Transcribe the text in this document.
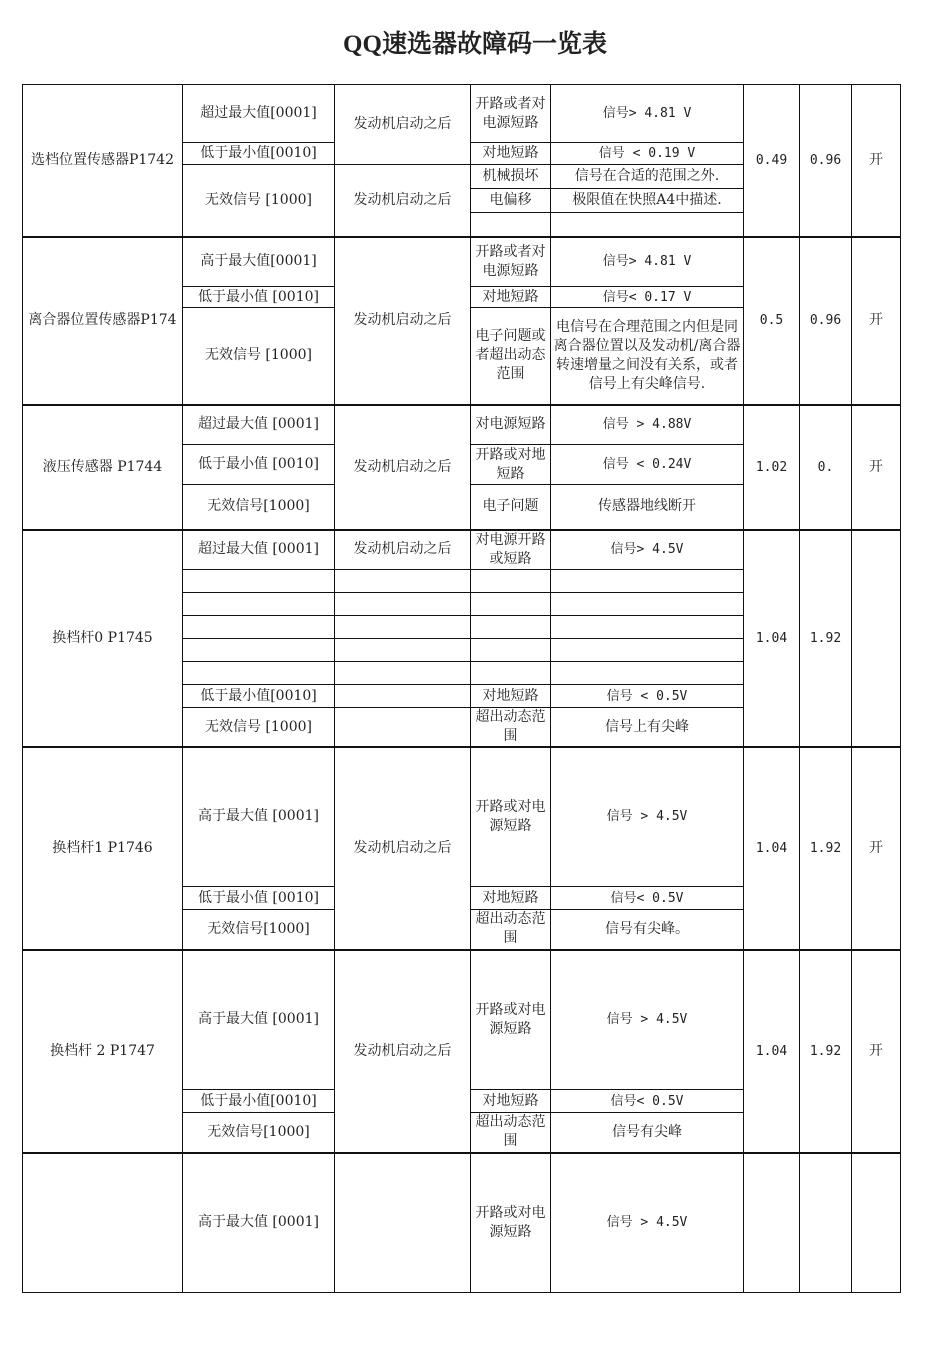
QQ速选器故障码一览表
选档位置传感器P1742	超过最大值[0001]	发动机启动之后	开路或者对电源短路	信号> 4.81 V	0.49	0.96	开
	低于最小值[0010]		对地短路	信号 < 0.19 V			
	无效信号 [1000]	发动机启动之后	机械损坏	信号在合适的范围之外.			
			电偏移	极限值在快照A4中描述.			

离合器位置传感器P174	高于最大值[0001]	发动机启动之后	开路或者对电源短路	信号> 4.81 V	0.5	0.96	开
	低于最小值 [0010]		对地短路	信号< 0.17 V			
	无效信号 [1000]		电子问题或者超出动态范围	电信号在合理范围之内但是同离合器位置以及发动机/离合器转速增量之间没有关系，或者 信号上有尖峰信号.			
液压传感器 P1744	超过最大值 [0001]	发动机启动之后	对电源短路	信号 > 4.88V	1.02	0.	开
	低于最小值 [0010]		开路或对地短路	信号 < 0.24V			
	无效信号[1000]		电子问题	传感器地线断开			
换档杆0 P1745	超过最大值 [0001]	发动机启动之后	对电源开路或短路	信号> 4.5V	1.04	1.92	

	低于最小值[0010]		对地短路	信号 < 0.5V			
	无效信号 [1000]		超出动态范围	信号上有尖峰			

换档杆1 P1746	高于最大值 [0001]	发动机启动之后	开路或对电源短路	信号 > 4.5V	1.04	1.92	开
	低于最小值 [0010]		对地短路	信号< 0.5V			
	无效信号[1000]		超出动态范围	信号有尖峰。			
换档杆 2 P1747	高于最大值 [0001]	发动机启动之后	开路或对电源短路	信号 > 4.5V	1.04	1.92	开
	低于最小值[0010]		对地短路	信号< 0.5V			
	无效信号[1000]		超出动态范围	信号有尖峰			
	高于最大值 [0001]		开路或对电源短路	信号 > 4.5V			
